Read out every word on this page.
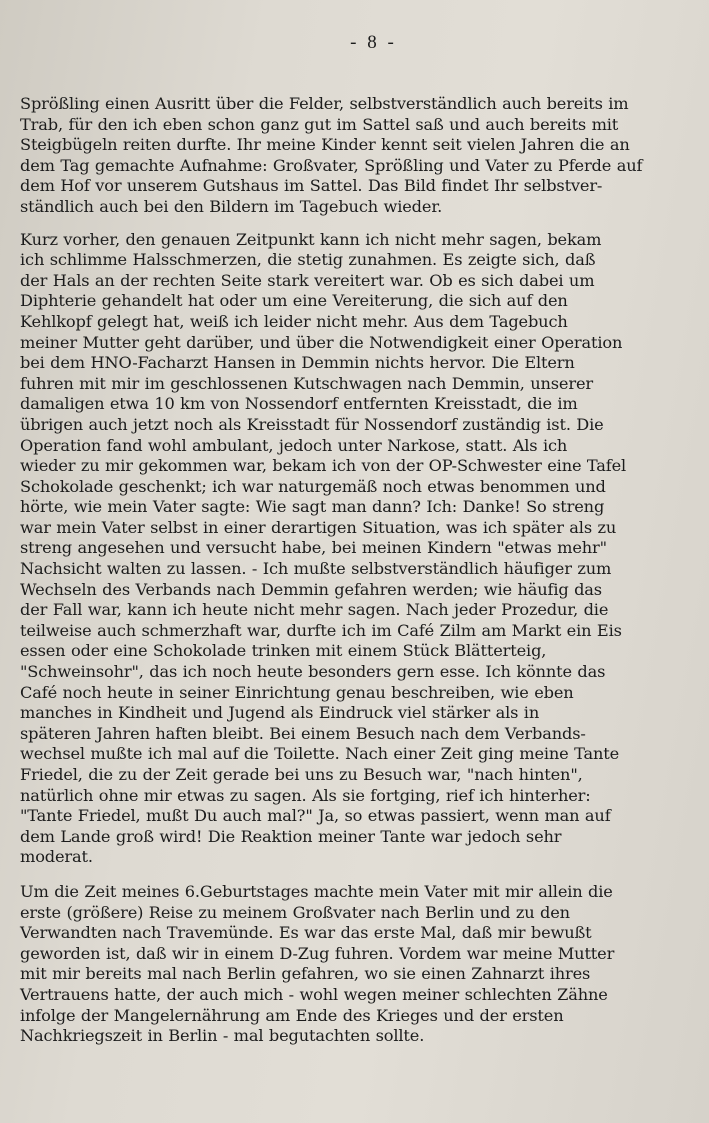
- 8 -

Sprößling einen Ausritt über die Felder, selbstverständlich auch bereits im
Trab, für den ich eben schon ganz gut im Sattel saß und auch bereits mit
Steigbügeln reiten durfte. Ihr meine Kinder kennt seit vielen Jahren die an
dem Tag gemachte Aufnahme: Großvater, Sprößling und Vater zu Pferde auf
dem Hof vor unserem Gutshaus im Sattel. Das Bild findet Ihr selbstver-
ständlich auch bei den Bildern im Tagebuch wieder.

Kurz vorher, den genauen Zeitpunkt kann ich nicht mehr sagen, bekam
ich schlimme Halsschmerzen, die stetig zunahmen. Es zeigte sich, daß
der Hals an der rechten Seite stark vereitert war. Ob es sich dabei um
Diphterie gehandelt hat oder um eine Vereiterung, die sich auf den
Kehlkopf gelegt hat, weiß ich leider nicht mehr. Aus dem Tagebuch
meiner Mutter geht darüber, und über die Notwendigkeit einer Operation
bei dem HNO-Facharzt Hansen in Demmin nichts hervor. Die Eltern
fuhren mit mir im geschlossenen Kutschwagen nach Demmin, unserer
damaligen etwa 10 km von Nossendorf entfernten Kreisstadt, die im
übrigen auch jetzt noch als Kreisstadt für Nossendorf zuständig ist. Die
Operation fand wohl ambulant, jedoch unter Narkose, statt. Als ich
wieder zu mir gekommen war, bekam ich von der OP-Schwester eine Tafel
Schokolade geschenkt; ich war naturgemäß noch etwas benommen und
hörte, wie mein Vater sagte: Wie sagt man dann? Ich: Danke! So streng
war mein Vater selbst in einer derartigen Situation, was ich später als zu
streng angesehen und versucht habe, bei meinen Kindern "etwas mehr"
Nachsicht walten zu lassen. - Ich mußte selbstverständlich häufiger zum
Wechseln des Verbands nach Demmin gefahren werden; wie häufig das
der Fall war, kann ich heute nicht mehr sagen. Nach jeder Prozedur, die
teilweise auch schmerzhaft war, durfte ich im Café Zilm am Markt ein Eis
essen oder eine Schokolade trinken mit einem Stück Blätterteig,
"Schweinsohr", das ich noch heute besonders gern esse. Ich könnte das
Café noch heute in seiner Einrichtung genau beschreiben, wie eben
manches in Kindheit und Jugend als Eindruck viel stärker als in
späteren Jahren haften bleibt. Bei einem Besuch nach dem Verbands-
wechsel mußte ich mal auf die Toilette. Nach einer Zeit ging meine Tante
Friedel, die zu der Zeit gerade bei uns zu Besuch war, "nach hinten",
natürlich ohne mir etwas zu sagen. Als sie fortging, rief ich hinterher:
"Tante Friedel, mußt Du auch mal?" Ja, so etwas passiert, wenn man auf
dem Lande groß wird! Die Reaktion meiner Tante war jedoch sehr
moderat.

Um die Zeit meines 6.Geburtstages machte mein Vater mit mir allein die
erste (größere) Reise zu meinem Großvater nach Berlin und zu den
Verwandten nach Travemünde. Es war das erste Mal, daß mir bewußt
geworden ist, daß wir in einem D-Zug fuhren. Vordem war meine Mutter
mit mir bereits mal nach Berlin gefahren, wo sie einen Zahnarzt ihres
Vertrauens hatte, der auch mich - wohl wegen meiner schlechten Zähne
infolge der Mangelernährung am Ende des Krieges und der ersten
Nachkriegszeit in Berlin - mal begutachten sollte.
